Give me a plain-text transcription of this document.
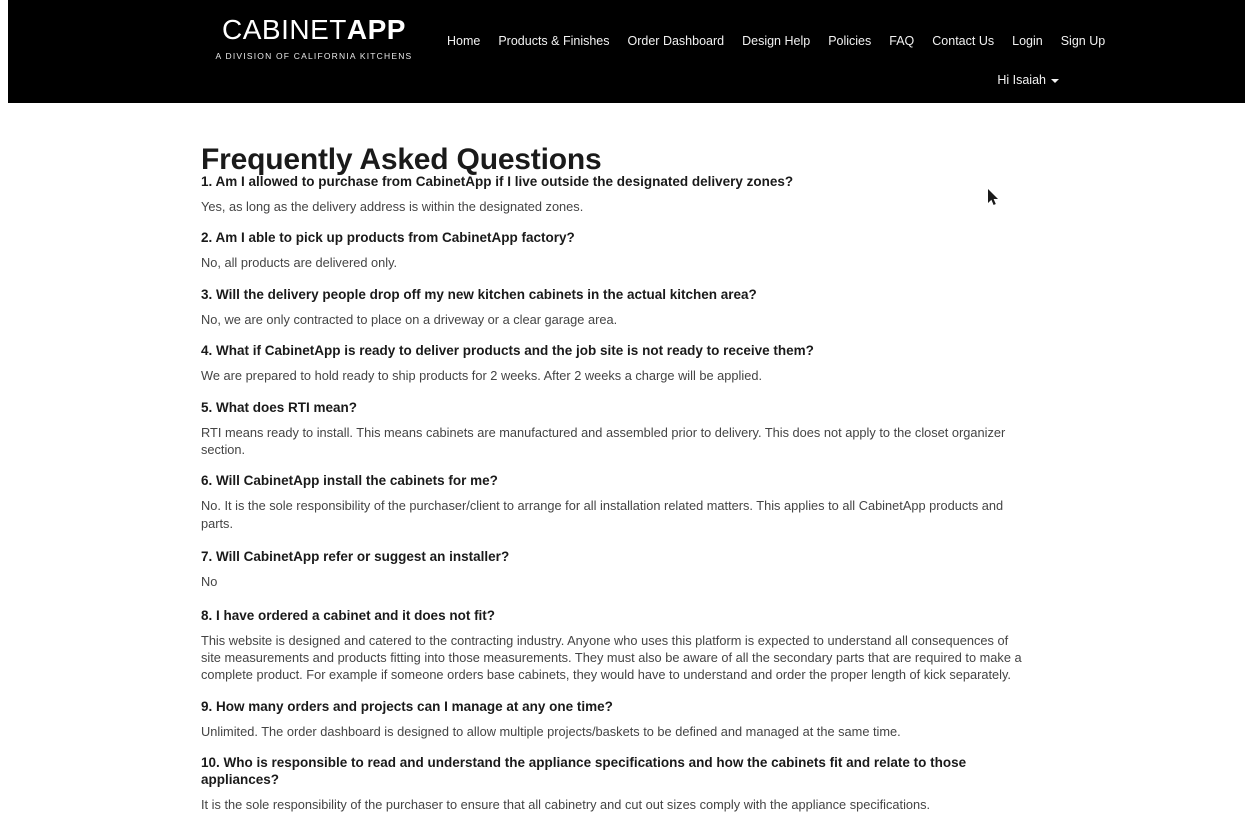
CABINETAPP
A DIVISION OF CALIFORNIA KITCHENS
Home	Products & Finishes	Order Dashboard	Design Help	Policies	FAQ	Contact Us	Login	Sign Up
Hi Isaiah
Frequently Asked Questions

1. Am I allowed to purchase from CabinetApp if I live outside the designated delivery zones?

Yes, as long as the delivery address is within the designated zones.

2. Am I able to pick up products from CabinetApp factory?

No, all products are delivered only.

3. Will the delivery people drop off my new kitchen cabinets in the actual kitchen area?

No, we are only contracted to place on a driveway or a clear garage area.

4. What if CabinetApp is ready to deliver products and the job site is not ready to receive them?

We are prepared to hold ready to ship products for 2 weeks. After 2 weeks a charge will be applied.

5. What does RTI mean?

RTI means ready to install. This means cabinets are manufactured and assembled prior to delivery. This does not apply to the closet organizer section.

6. Will CabinetApp install the cabinets for me?

No. It is the sole responsibility of the purchaser/client to arrange for all installation related matters. This applies to all CabinetApp products and parts.

7. Will CabinetApp refer or suggest an installer?

No

8. I have ordered a cabinet and it does not fit?

This website is designed and catered to the contracting industry. Anyone who uses this platform is expected to understand all consequences of site measurements and products fitting into those measurements. They must also be aware of all the secondary parts that are required to make a complete product. For example if someone orders base cabinets, they would have to understand and order the proper length of kick separately.

9. How many orders and projects can I manage at any one time?

Unlimited. The order dashboard is designed to allow multiple projects/baskets to be defined and managed at the same time.

10. Who is responsible to read and understand the appliance specifications and how the cabinets fit and relate to those appliances?

It is the sole responsibility of the purchaser to ensure that all cabinetry and cut out sizes comply with the appliance specifications.
